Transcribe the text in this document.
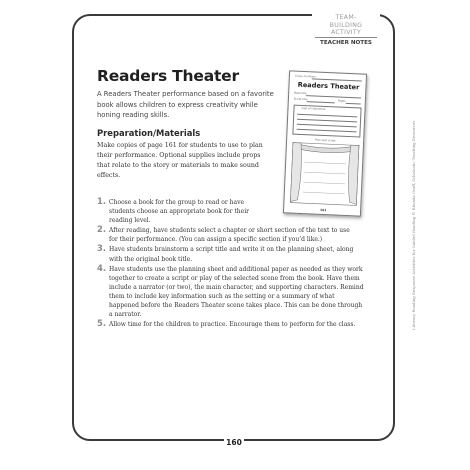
TEAM-
BUILDING
ACTIVITY
TEACHER NOTES
Readers Theater
A Readers Theater performance based on a favorite book allows children to express creativity while honing reading skills.
Preparation/Materials
Make copies of page 161 for students to use to plan their performance. Optional supplies include props that relate to the story or materials to make sound effects.
1. Choose a book for the group to read or have students choose an appropriate book for their reading level.
2. After reading, have students select a chapter or short section of the text to use for their performance. (You can assign a specific section if you’d like.)
3. Have students brainstorm a script title and write it on the planning sheet, along with the original book title.
4. Have students use the planning sheet and additional paper as needed as they work together to create a script or play of the selected scene from the book. Have them include a narrator (or two), the main character, and supporting characters. Remind them to include key information such as the setting or a summary of what happened before the Readers Theater scene takes place. This can be done through a narrator.
5. Allow time for the children to practice. Encourage them to perform for the class.
160
Literacy Reading Response Activities for Guided Reading © Rhonda Graff, Scholastic Teaching Resources
Group members
Readers Theater
Book title
Script title
Pages
Cast of characters:
Plan your script:
161
